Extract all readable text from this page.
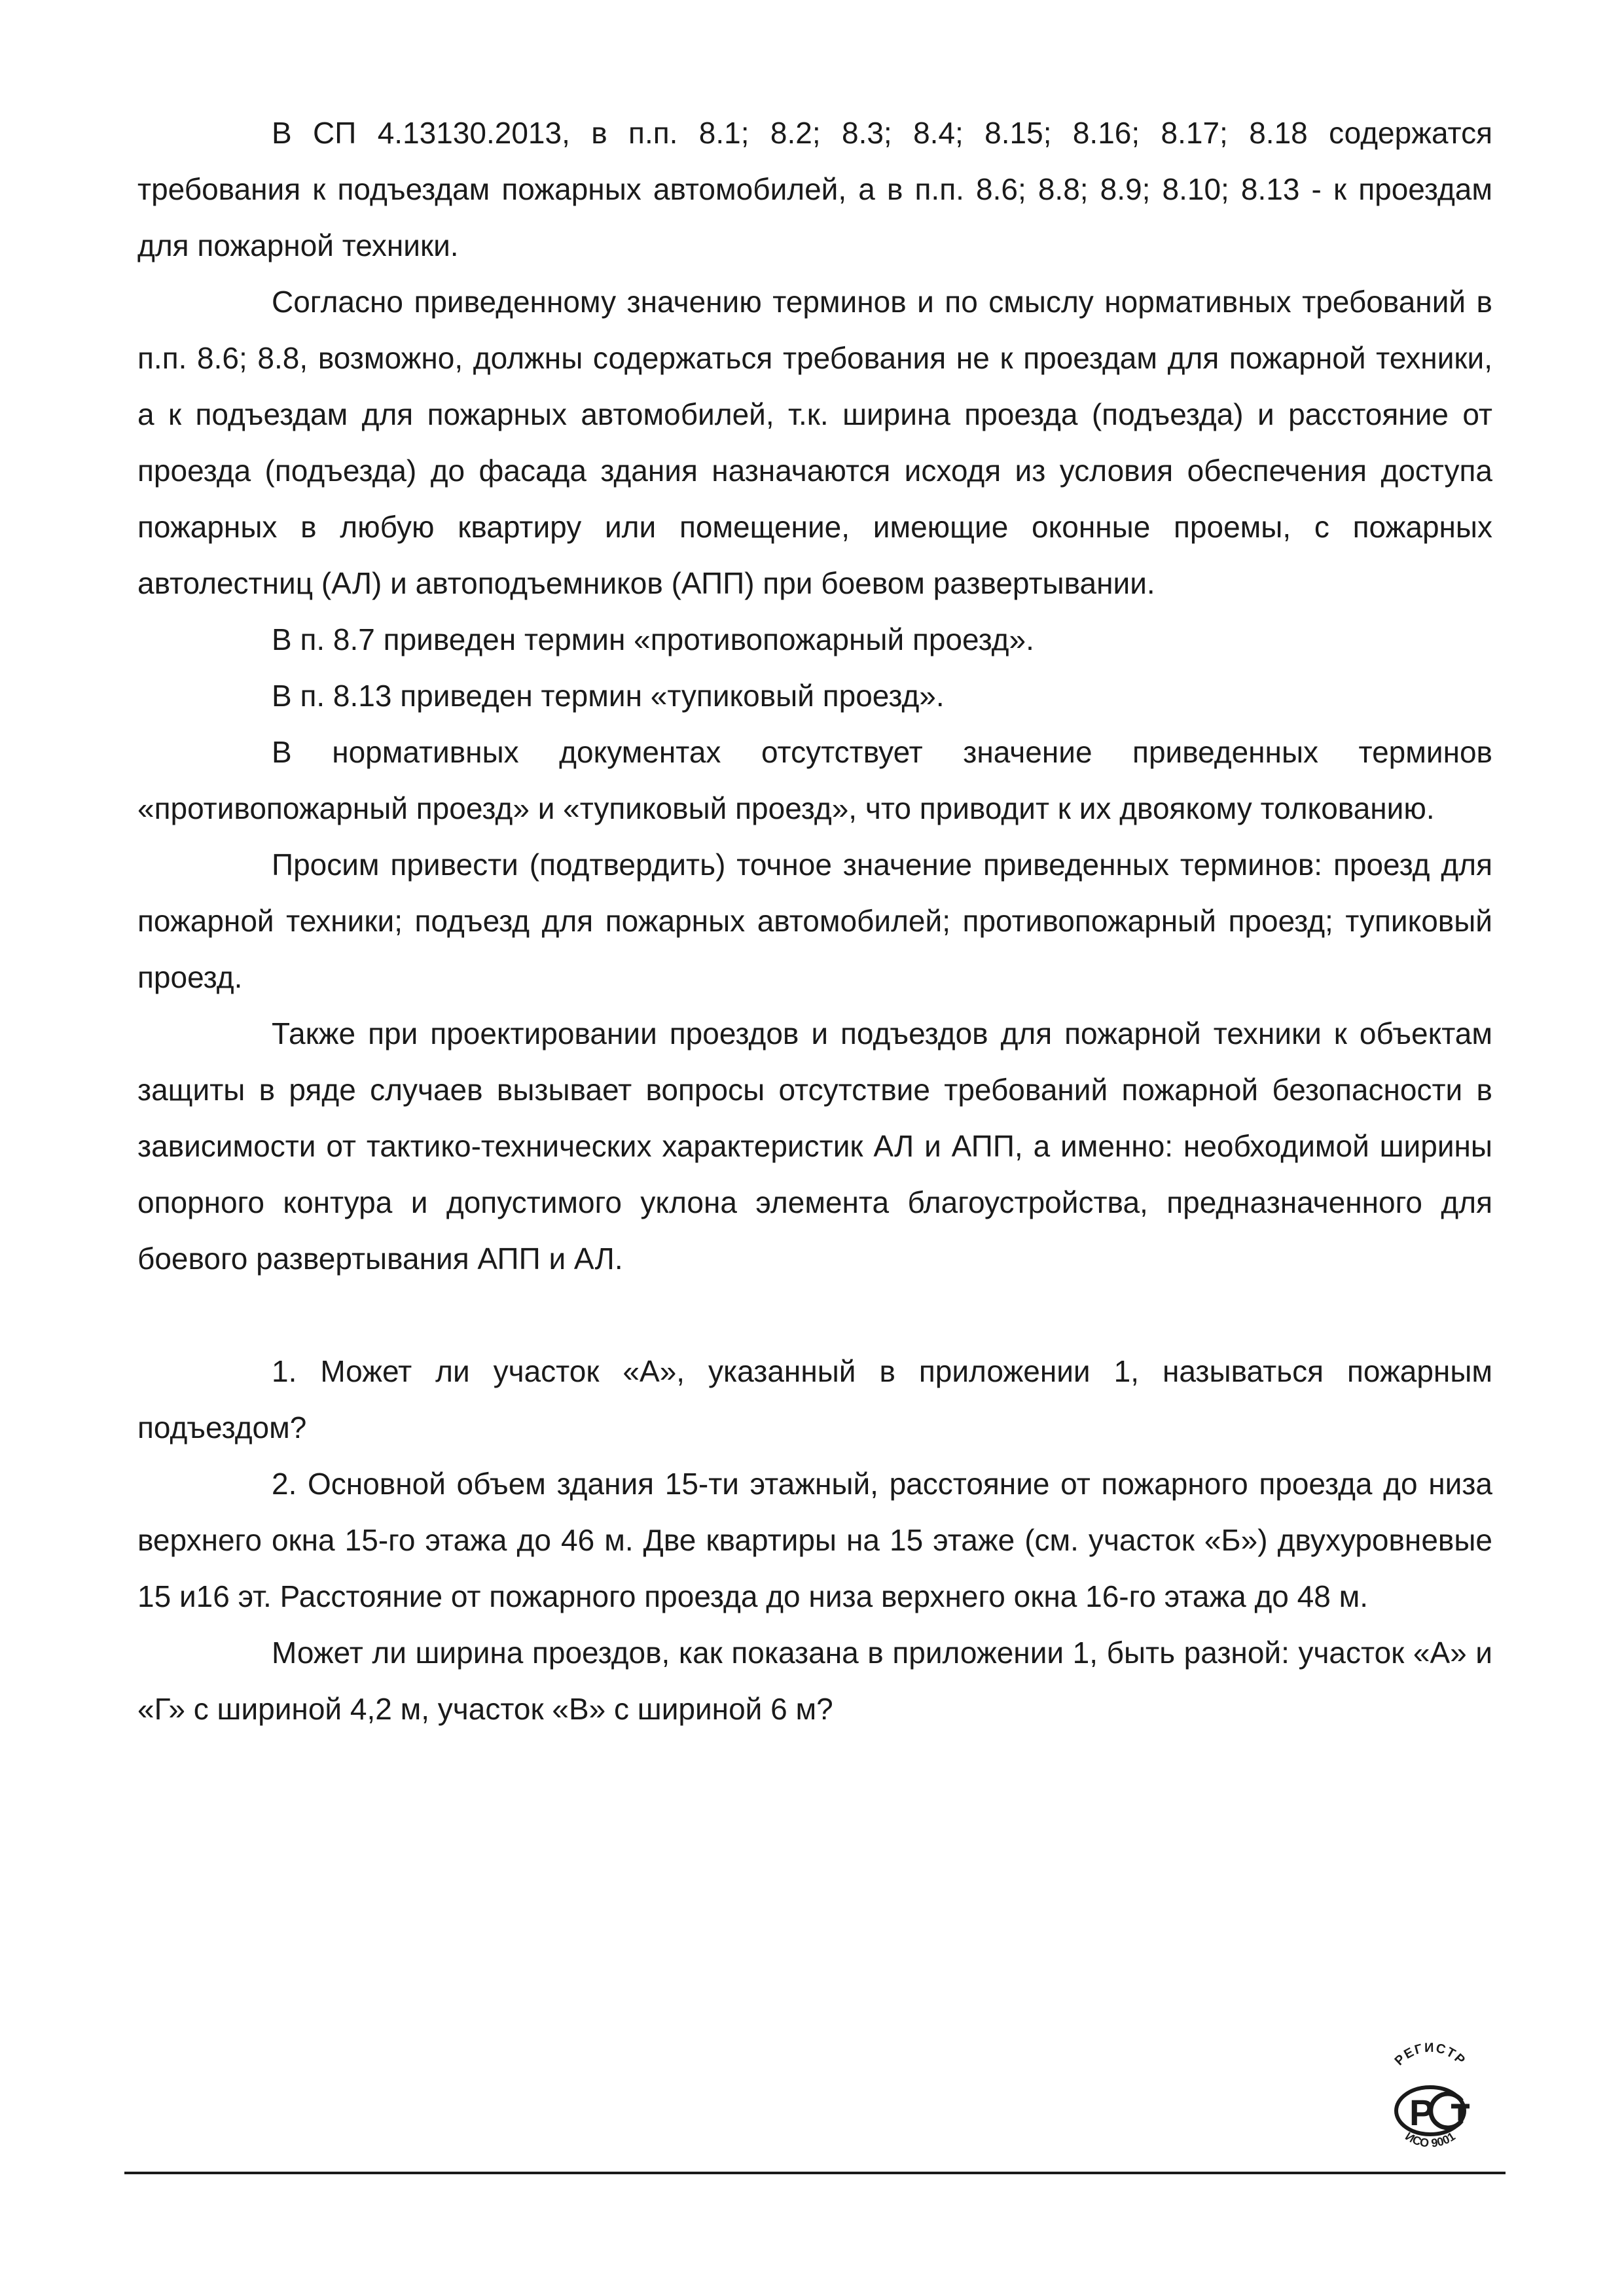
В СП 4.13130.2013, в п.п. 8.1; 8.2; 8.3; 8.4; 8.15; 8.16; 8.17; 8.18 содержатся требования к подъездам пожарных автомобилей, а в п.п. 8.6; 8.8; 8.9; 8.10; 8.13 - к проездам для пожарной техники.

Согласно приведенному значению терминов и по смыслу нормативных требований в п.п. 8.6; 8.8, возможно, должны содержаться требования не к проездам для пожарной техники, а к подъездам для пожарных автомобилей, т.к. ширина проезда (подъезда) и расстояние от проезда (подъезда) до фасада здания назначаются исходя из условия обеспечения доступа пожарных в любую квартиру или помещение, имеющие оконные проемы, с пожарных автолестниц (АЛ) и автоподъемников (АПП) при боевом развертывании.

В п. 8.7 приведен термин «противопожарный проезд».

В п. 8.13 приведен термин «тупиковый проезд».

В нормативных документах отсутствует значение приведенных терминов «противопожарный проезд» и «тупиковый проезд», что приводит к их двоякому толкованию.

Просим привести (подтвердить) точное значение приведенных терминов: проезд для пожарной техники; подъезд для пожарных автомобилей; противопожарный проезд; тупиковый проезд.

Также при проектировании проездов и подъездов для пожарной техники к объектам защиты в ряде случаев вызывает вопросы отсутствие требований пожарной безопасности в зависимости от тактико-технических характеристик АЛ и АПП, а именно: необходимой ширины опорного контура и допустимого уклона элемента благоустройства, предназначенного для боевого развертывания АПП и АЛ.

1. Может ли участок «А», указанный в приложении 1, называться пожарным подъездом?

2. Основной объем здания 15-ти этажный, расстояние от пожарного проезда до низа верхнего окна 15-го этажа до 46 м. Две квартиры на 15 этаже (см. участок «Б») двухуровневые 15 и16 эт. Расстояние от пожарного проезда до низа верхнего окна 16-го этажа до 48 м.

Может ли ширина проездов, как показана в приложении 1, быть разной: участок «А» и «Г» с шириной 4,2 м, участок «В» с шириной 6 м?

РЕГИСТР
Р
ИСО 9001
